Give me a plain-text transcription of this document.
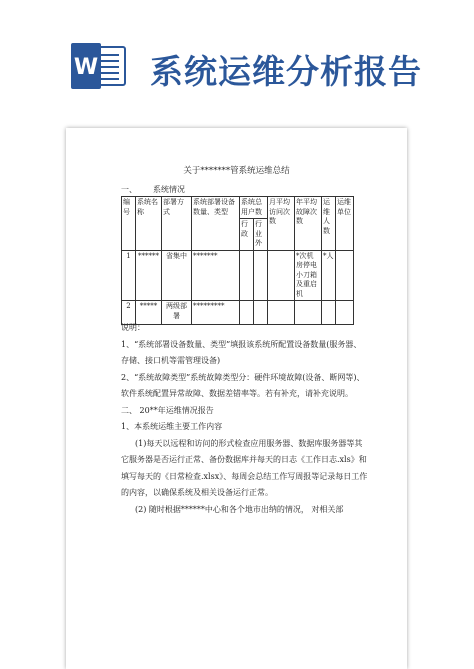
W 系统运维分析报告
关于*******管系统运维总结
一、 系统情况
编号	系统名称	部署方式	系统部署设备数量、类型	系统总用户数		月平均访问次数	年平均故障次数	运维人数	运维单位
				行政	行业外				
1	******	省集中	*******				*次机房停电小刀箱及重启机	*人	
2	*****	两级部署	*********						

说明：

1、“系统部署设备数量、类型”填报该系统所配置设备数量(服务器、存储、接口机等需管理设备)

2、“系统故障类型”系统故障类型分：硬件环境故障(设备、断网等)、软件系统配置异常故障、数据差错率等。若有补充，请补充说明。

二、 20**年运维情况报告

1、本系统运维主要工作内容

(1)每天以远程和访问的形式检查应用服务器、数据库服务器等其它服务器是否运行正常、备份数据库并每天的日志《工作日志.xls》和填写每天的《日常检查.xlsx》、每周会总结工作写周报等记录每日工作的内容，以确保系统及相关设备运行正常。

(2) 随时根据******中心和各个地市出纳的情况， 对相关部
